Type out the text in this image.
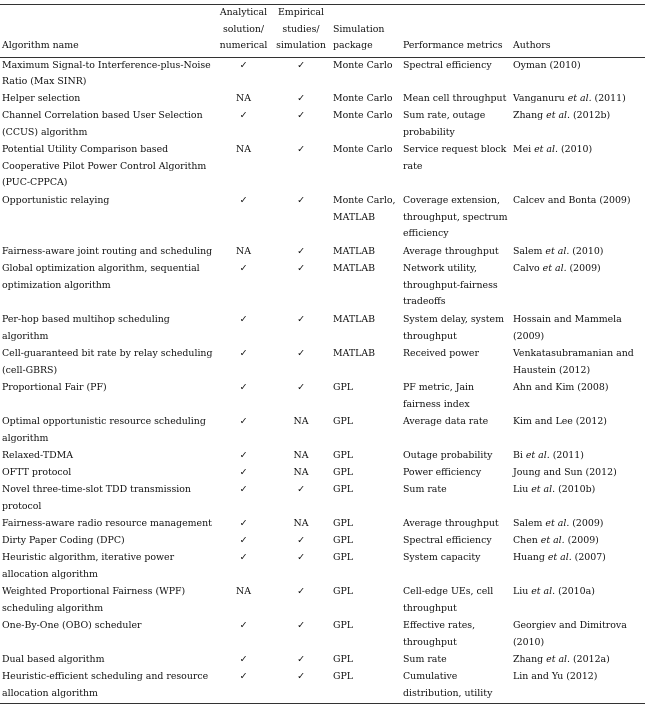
Algorithm name	Analytical solution/ numerical	Empirical studies/ simulation	Simulation package	Performance metrics	Authors
Maximum Signal-to Interference-plus-Noise Ratio (Max SINR)	✓	✓	Monte Carlo	Spectral efficiency	Oyman (2010)
Helper selection	NA	✓	Monte Carlo	Mean cell throughput	Vanganuru et al. (2011)
Channel Correlation based User Selection (CCUS) algorithm	✓	✓	Monte Carlo	Sum rate, outage probability	Zhang et al. (2012b)
Potential Utility Comparison based Cooperative Pilot Power Control Algorithm (PUC-CPPCA)	NA	✓	Monte Carlo	Service request block rate	Mei et al. (2010)
Opportunistic relaying	✓	✓	Monte Carlo, MATLAB	Coverage extension, throughput, spectrum efficiency	Calcev and Bonta (2009)
Fairness-aware joint routing and scheduling	NA	✓	MATLAB	Average throughput	Salem et al. (2010)
Global optimization algorithm, sequential optimization algorithm	✓	✓	MATLAB	Network utility, throughput-fairness tradeoffs	Calvo et al. (2009)
Per-hop based multihop scheduling algorithm	✓	✓	MATLAB	System delay, system throughput	Hossain and Mammela (2009)
Cell-guaranteed bit rate by relay scheduling (cell-GBRS)	✓	✓	MATLAB	Received power	Venkatasubramanian and Haustein (2012)
Proportional Fair (PF)	✓	✓	GPL	PF metric, Jain fairness index	Ahn and Kim (2008)
Optimal opportunistic resource scheduling algorithm	✓	NA	GPL	Average data rate	Kim and Lee (2012)
Relaxed-TDMA	✓	NA	GPL	Outage probability	Bi et al. (2011)
OFTT protocol	✓	NA	GPL	Power efficiency	Joung and Sun (2012)
Novel three-time-slot TDD transmission protocol	✓	✓	GPL	Sum rate	Liu et al. (2010b)
Fairness-aware radio resource management	✓	NA	GPL	Average throughput	Salem et al. (2009)
Dirty Paper Coding (DPC)	✓	✓	GPL	Spectral efficiency	Chen et al. (2009)
Heuristic algorithm, iterative power allocation algorithm	✓	✓	GPL	System capacity	Huang et al. (2007)
Weighted Proportional Fairness (WPF) scheduling algorithm	NA	✓	GPL	Cell-edge UEs, cell throughput	Liu et al. (2010a)
One-By-One (OBO) scheduler	✓	✓	GPL	Effective rates, throughput	Georgiev and Dimitrova (2010)
Dual based algorithm	✓	✓	GPL	Sum rate	Zhang et al. (2012a)
Heuristic-efficient scheduling and resource allocation algorithm	✓	✓	GPL	Cumulative distribution, utility	Lin and Yu (2012)
